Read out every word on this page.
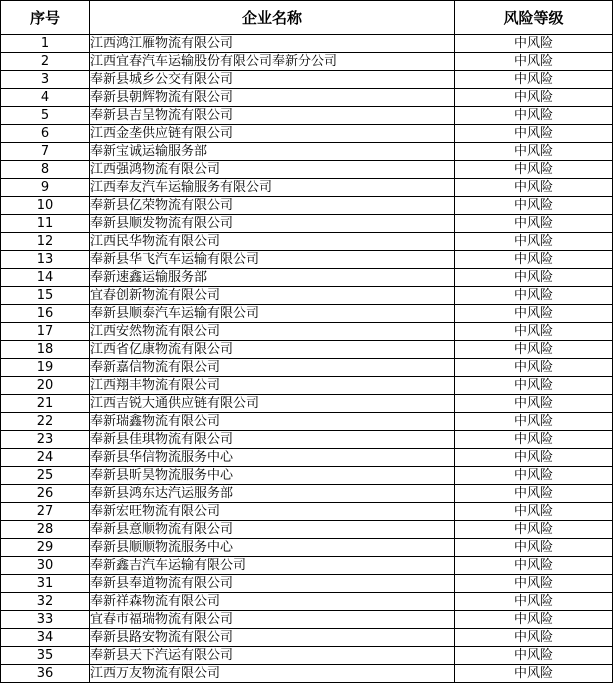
序号	企业名称	风险等级
1	江西鸿江雁物流有限公司	中风险
2	江西宜春汽车运输股份有限公司奉新分公司	中风险
3	奉新县城乡公交有限公司	中风险
4	奉新县朝辉物流有限公司	中风险
5	奉新县吉呈物流有限公司	中风险
6	江西金垄供应链有限公司	中风险
7	奉新宝诚运输服务部	中风险
8	江西强鸿物流有限公司	中风险
9	江西奉友汽车运输服务有限公司	中风险
10	奉新县亿荣物流有限公司	中风险
11	奉新县顺发物流有限公司	中风险
12	江西民华物流有限公司	中风险
13	奉新县华飞汽车运输有限公司	中风险
14	奉新速鑫运输服务部	中风险
15	宜春创新物流有限公司	中风险
16	奉新县顺泰汽车运输有限公司	中风险
17	江西安然物流有限公司	中风险
18	江西省亿康物流有限公司	中风险
19	奉新嘉信物流有限公司	中风险
20	江西翔丰物流有限公司	中风险
21	江西吉锐大通供应链有限公司	中风险
22	奉新瑞鑫物流有限公司	中风险
23	奉新县佳琪物流有限公司	中风险
24	奉新县华信物流服务中心	中风险
25	奉新县昕昊物流服务中心	中风险
26	奉新县鸿东达汽运服务部	中风险
27	奉新宏旺物流有限公司	中风险
28	奉新县意顺物流有限公司	中风险
29	奉新县顺顺物流服务中心	中风险
30	奉新鑫吉汽车运输有限公司	中风险
31	奉新县奉道物流有限公司	中风险
32	奉新祥森物流有限公司	中风险
33	宜春市福瑞物流有限公司	中风险
34	奉新县路安物流有限公司	中风险
35	奉新县天下汽运有限公司	中风险
36	江西万友物流有限公司	中风险
